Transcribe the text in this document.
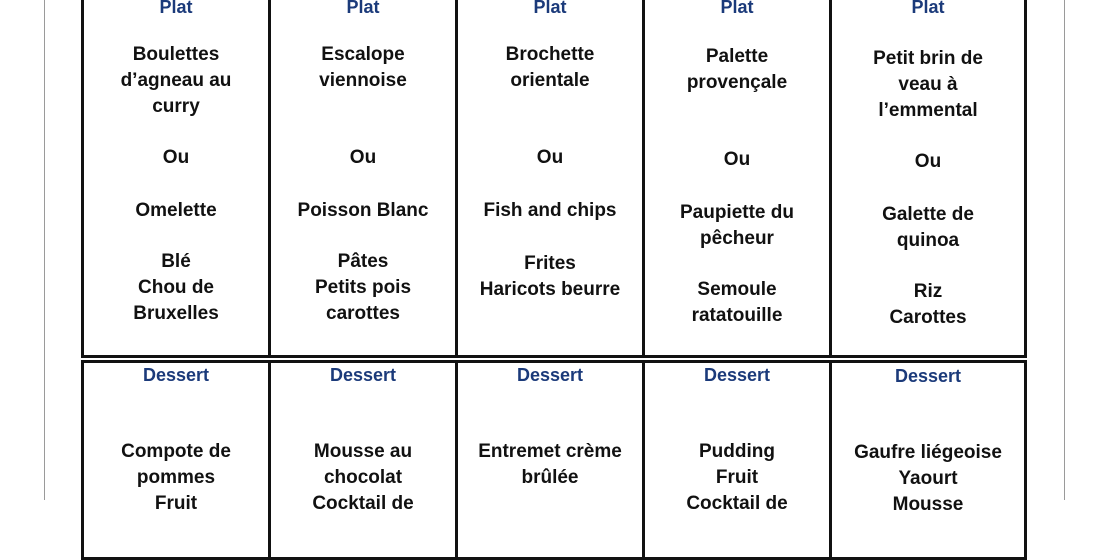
Plat
Boulettes
d’agneau au
curry
Ou
Omelette
Blé
Chou de
Bruxelles
Dessert
Compote de
pommes
Fruit
Plat
Escalope
viennoise
Ou
Poisson Blanc
Pâtes
Petits pois
carottes
Dessert
Mousse au
chocolat
Cocktail de
Plat
Brochette
orientale
Ou
Fish and chips
Frites
Haricots beurre
Dessert
Entremet crème
brûlée
Plat
Palette
provençale
Ou
Paupiette du
pêcheur
Semoule
ratatouille
Dessert
Pudding
Fruit
Cocktail de
Plat
Petit brin de
veau à
l’emmental
Ou
Galette de
quinoa
Riz
Carottes
Dessert
Gaufre liégeoise
Yaourt
Mousse
